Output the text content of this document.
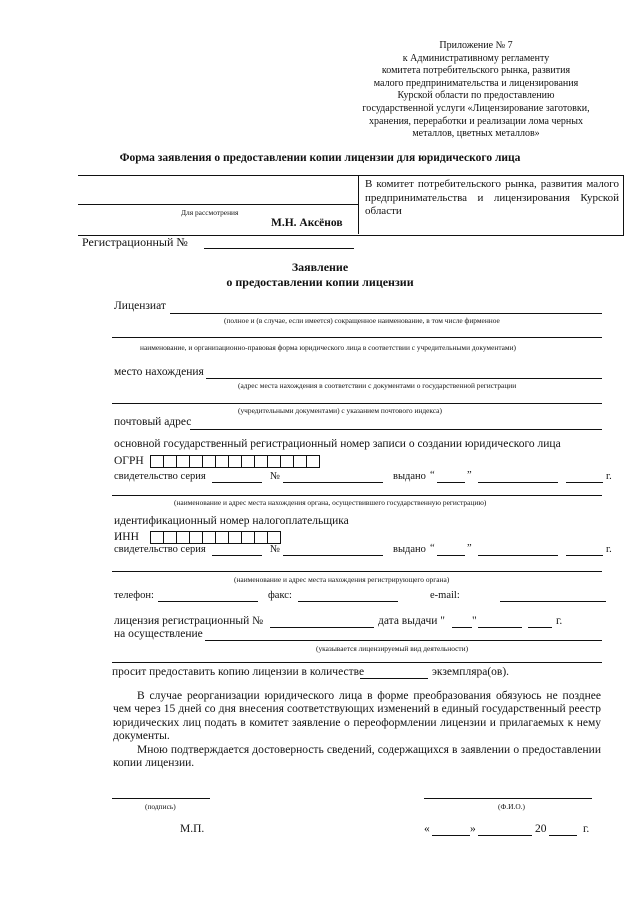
Приложение № 7
к Административному регламенту
комитета потребительского рынка, развития
малого предпринимательства и лицензирования
Курской области по предоставлению
государственной услуги «Лицензирование заготовки,
хранения, переработки и реализации лома черных
металлов, цветных металлов»
Форма заявления о предоставлении копии лицензии для юридического лица
Для рассмотрения
М.Н. Аксёнов
В комитет потребительского рынка, развития малого предпринимательства и лицензирования Курской области
Регистрационный №
Заявление
о предоставлении копии лицензии
Лицензиат
(полное и (в случае, если имеется) сокращенное наименование, в том числе фирменное
наименование, и организационно-правовая форма юридического лица в соответствии с учредительными документами)
место нахождения
(адрес места нахождения в соответствии с документами о государственной регистрации
(учредительными документами) с указанием почтового индекса)
почтовый адрес
основной государственный регистрационный номер записи о создании юридического лица
ОГРН
свидетельство серия	№	выдано “	”	г.
(наименование и адрес места нахождения органа, осуществившего государственную регистрацию)
идентификационный номер налогоплательщика
ИНН
свидетельство серия	№	выдано “	”	г.
(наименование и адрес места нахождения регистрирующего органа)
телефон:	факс:	e-mail:
лицензия регистрационный №	дата выдачи " "	г.
на осуществление
(указывается лицензируемый вид деятельности)
просит предоставить копию лицензии в количестве	экземпляра(ов).

В случае реорганизации юридического лица в форме преобразования обязуюсь не позднее чем через 15 дней со дня внесения соответствующих изменений в единый государственный реестр юридических лиц подать в комитет заявление о переоформлении лицензии и прилагаемых к нему документы.

Мною подтверждается достоверность сведений, содержащихся в заявлении о предоставлении копии лицензии.

(подпись)	(Ф.И.О.)
М.П.	«	»	20	г.
